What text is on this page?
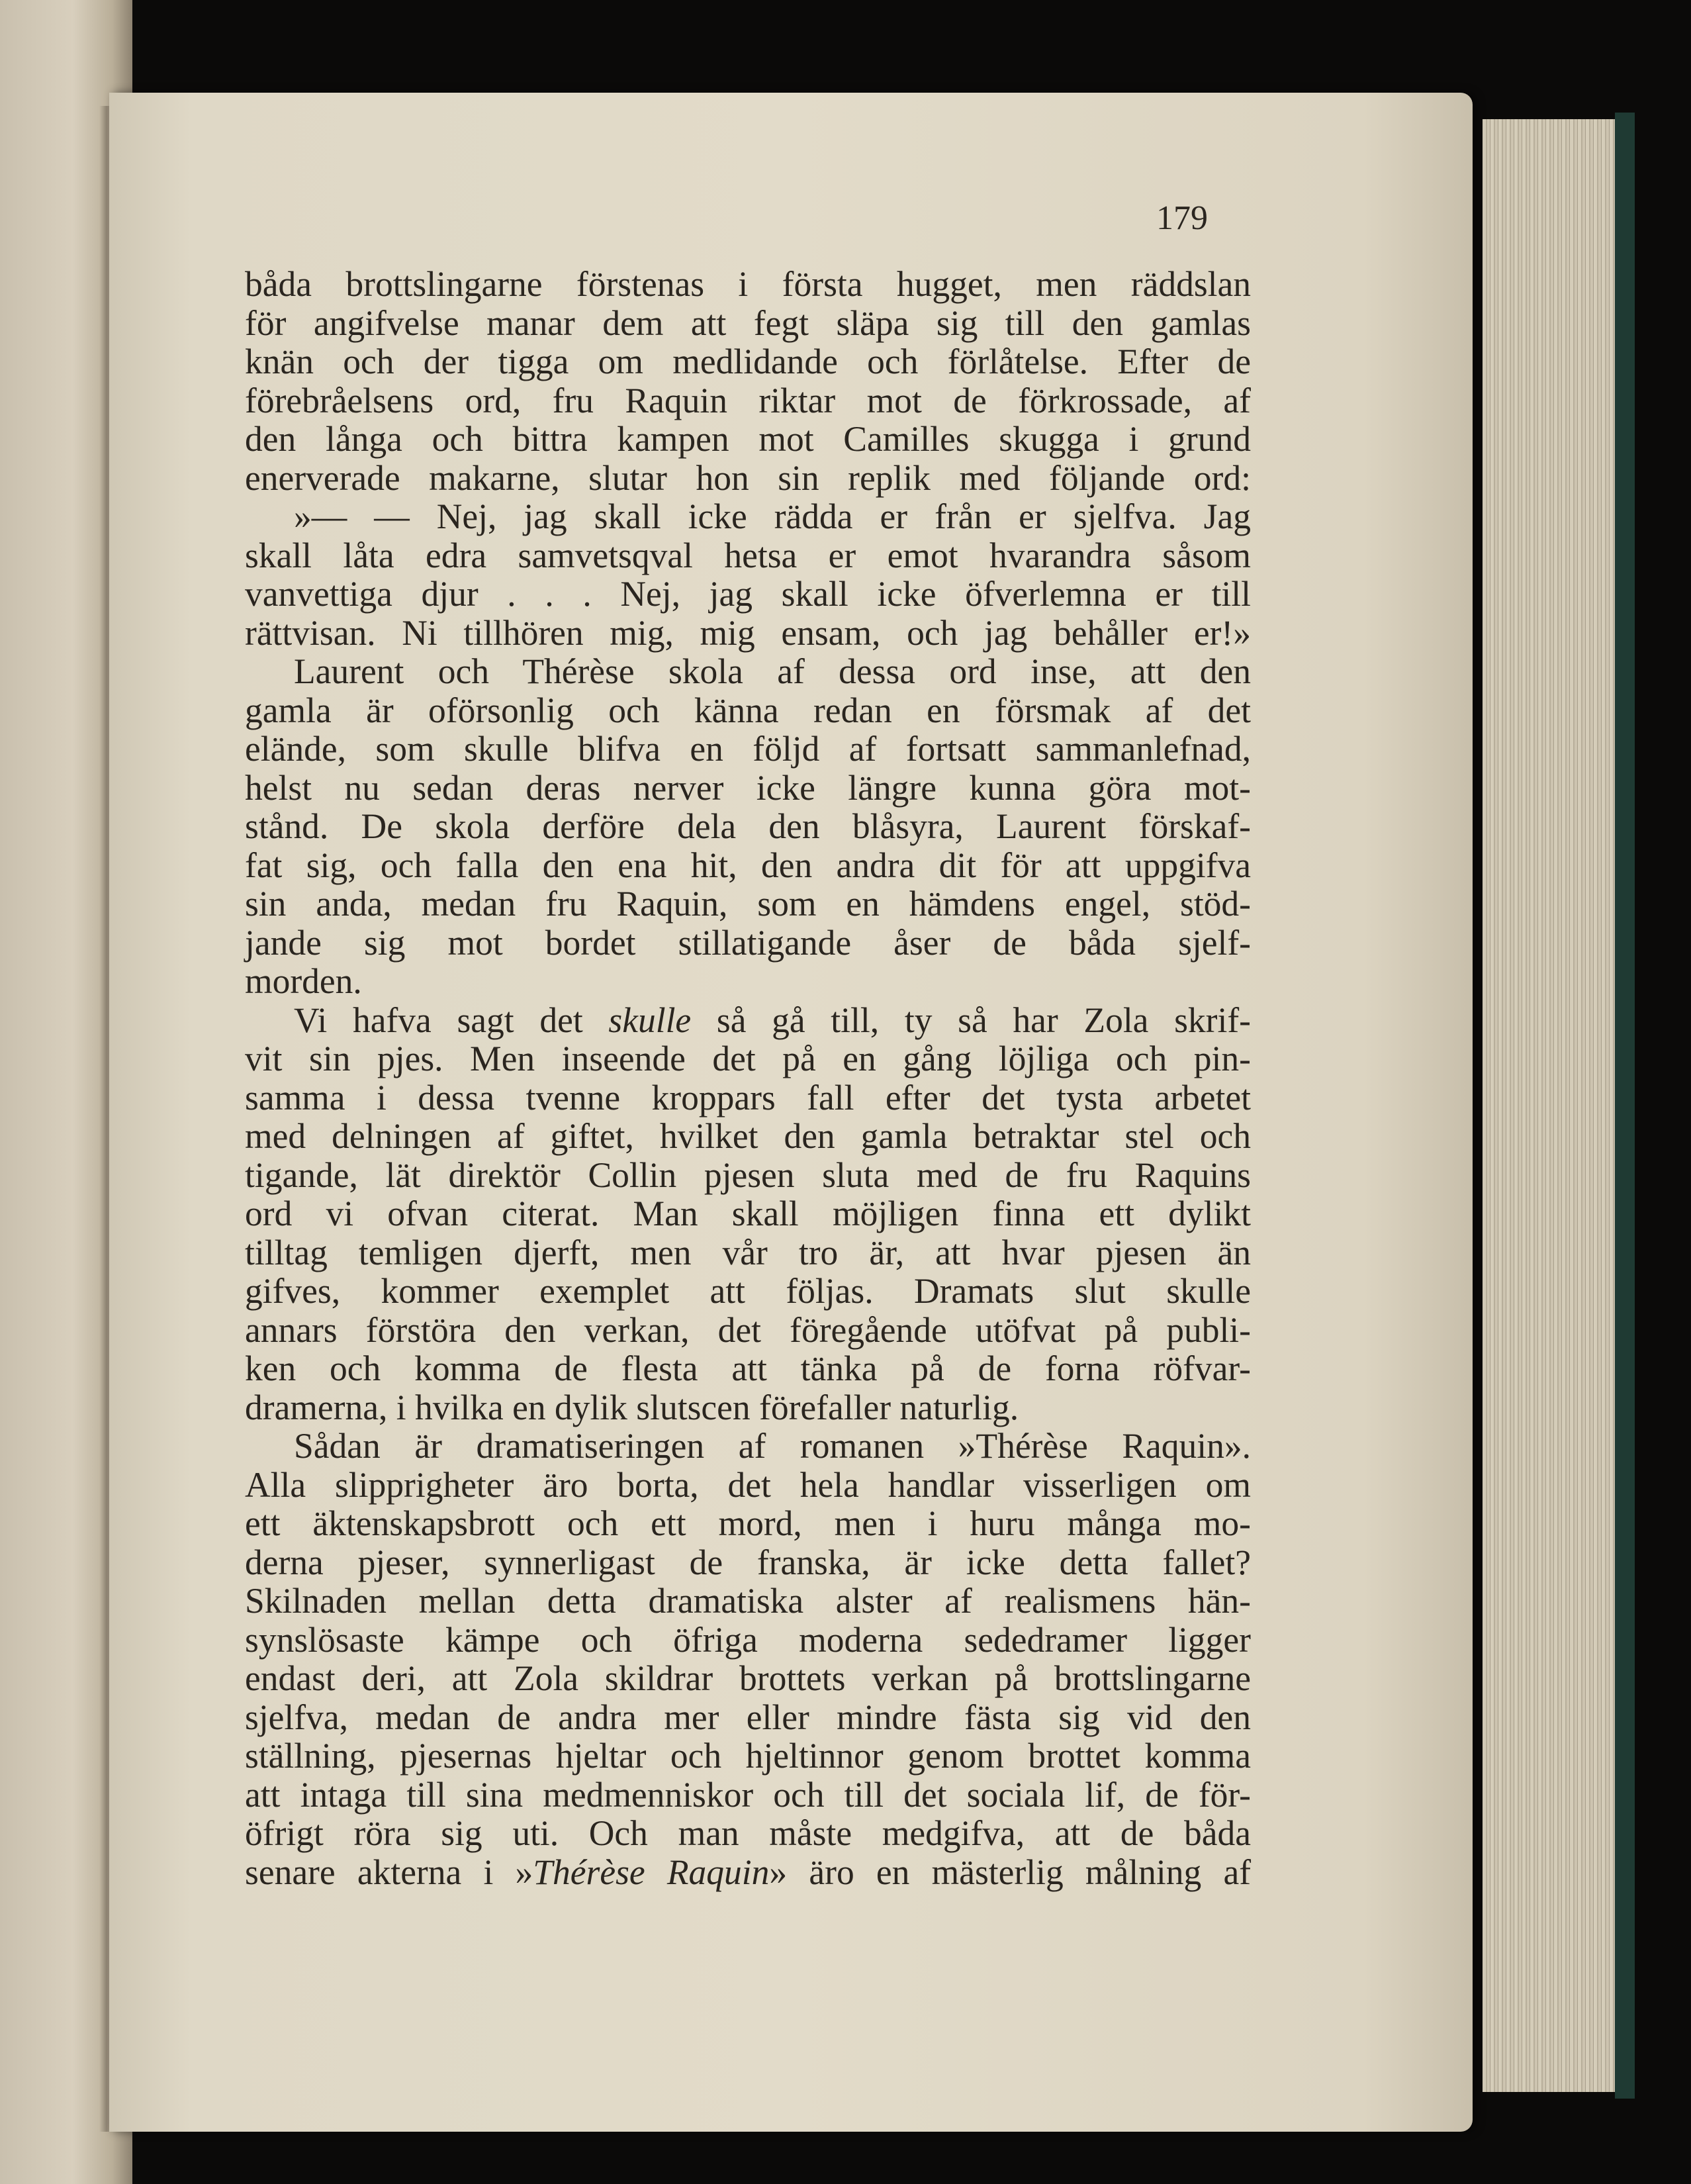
179
båda brottslingarne förstenas i första hugget, men räddslan
för angifvelse manar dem att fegt släpa sig till den gamlas
knän och der tigga om medlidande och förlåtelse. Efter de
förebråelsens ord, fru Raquin riktar mot de förkrossade, af
den långa och bittra kampen mot Camilles skugga i grund
enerverade makarne, slutar hon sin replik med följande ord:
»— — Nej, jag skall icke rädda er från er sjelfva. Jag
skall låta edra samvetsqval hetsa er emot hvarandra såsom
vanvettiga djur . . . Nej, jag skall icke öfverlemna er till
rättvisan. Ni tillhören mig, mig ensam, och jag behåller er!»
Laurent och Thérèse skola af dessa ord inse, att den
gamla är oförsonlig och känna redan en försmak af det
elände, som skulle blifva en följd af fortsatt sammanlefnad,
helst nu sedan deras nerver icke längre kunna göra mot-
stånd. De skola derföre dela den blåsyra, Laurent förskaf-
fat sig, och falla den ena hit, den andra dit för att uppgifva
sin anda, medan fru Raquin, som en hämdens engel, stöd-
jande sig mot bordet stillatigande åser de båda sjelf-
morden.
Vi hafva sagt det skulle så gå till, ty så har Zola skrif-
vit sin pjes. Men inseende det på en gång löjliga och pin-
samma i dessa tvenne kroppars fall efter det tysta arbetet
med delningen af giftet, hvilket den gamla betraktar stel och
tigande, lät direktör Collin pjesen sluta med de fru Raquins
ord vi ofvan citerat. Man skall möjligen finna ett dylikt
tilltag temligen djerft, men vår tro är, att hvar pjesen än
gifves, kommer exemplet att följas. Dramats slut skulle
annars förstöra den verkan, det föregående utöfvat på publi-
ken och komma de flesta att tänka på de forna röfvar-
dramerna, i hvilka en dylik slutscen förefaller naturlig.
Sådan är dramatiseringen af romanen »Thérèse Raquin».
Alla slipprigheter äro borta, det hela handlar visserligen om
ett äktenskapsbrott och ett mord, men i huru många mo-
derna pjeser, synnerligast de franska, är icke detta fallet?
Skilnaden mellan detta dramatiska alster af realismens hän-
synslösaste kämpe och öfriga moderna sededramer ligger
endast deri, att Zola skildrar brottets verkan på brottslingarne
sjelfva, medan de andra mer eller mindre fästa sig vid den
ställning, pjesernas hjeltar och hjeltinnor genom brottet komma
att intaga till sina medmenniskor och till det sociala lif, de för-
öfrigt röra sig uti. Och man måste medgifva, att de båda
senare akterna i »Thérèse Raquin» äro en mästerlig målning af
